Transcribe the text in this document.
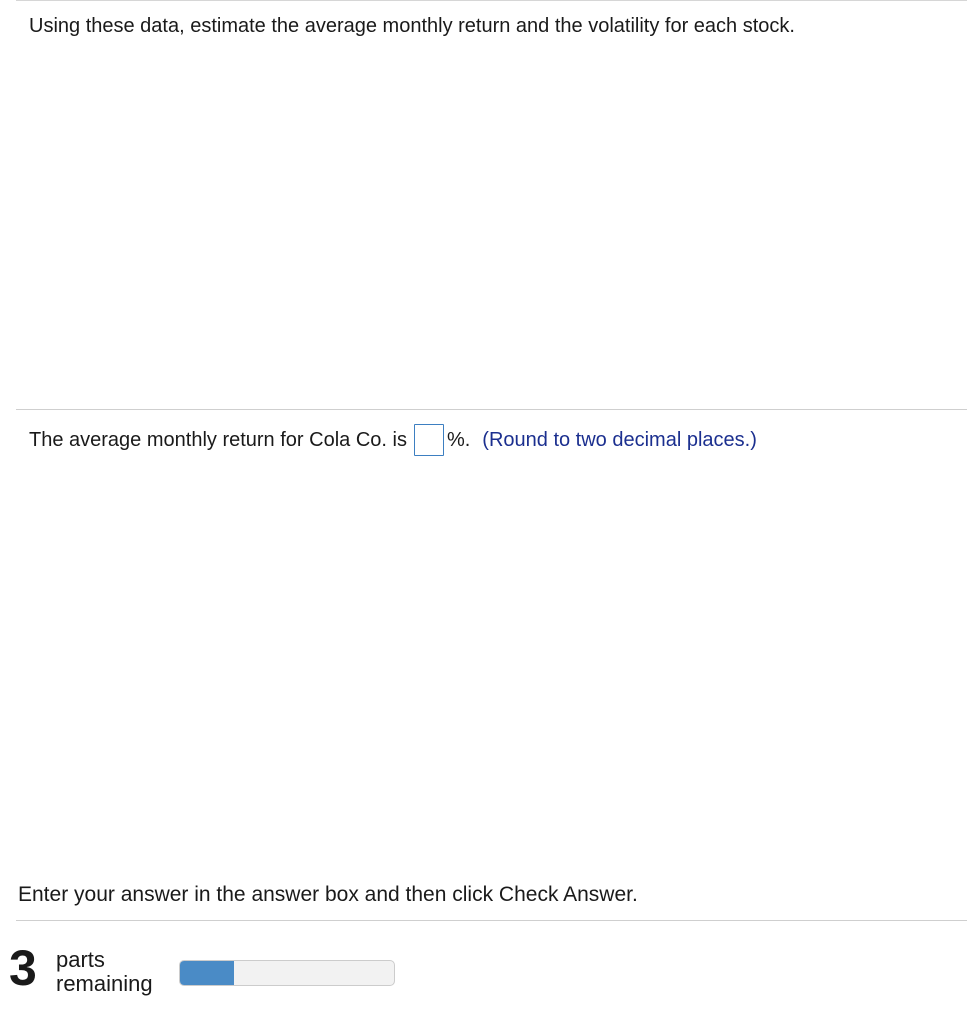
Using these data, estimate the average monthly return and the volatility for each stock.
The average monthly return for Cola Co. is %. (Round to two decimal places.)
Enter your answer in the answer box and then click Check Answer.
3 parts
remaining
